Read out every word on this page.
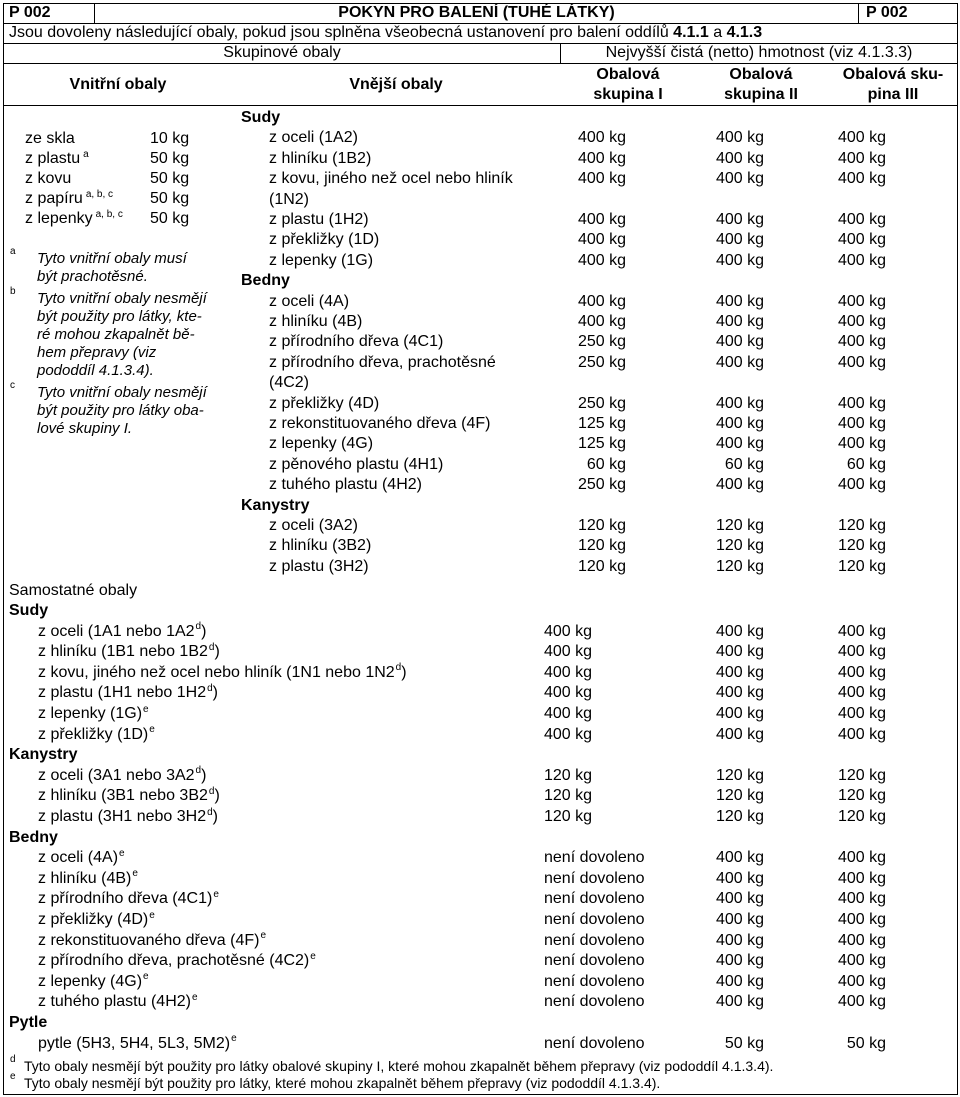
P 002	POKYN PRO BALENÍ (TUHÉ LÁTKY)	P 002
Jsou dovoleny následující obaly, pokud jsou splněna všeobecná ustanovení pro balení oddílů 4.1.1 a 4.1.3
Skupinové obaly	Nejvyšší čistá (netto) hmotnost (viz 4.1.3.3)
Vnitřní obaly	Vnější obaly
Obalová
skupina I
Obalová
skupina II
Obalová sku-
pina III
ze skla	10 kg
z plastu $^a$	50 kg
z kovu	50 kg
z papíru $^{a, b, c}$ 50 kg
z lepenky $^{a, b, c}$ 50 kg
a Tyto vnitřní obaly musí
být prachotěsné.
b Tyto vnitřní obaly nesmějí
být použity pro látky, kte-
ré mohou zkapalnět bě-
hem přepravy (viz
pododdíl 4.1.3.4).
c Tyto vnitřní obaly nesmějí
být použity pro látky oba-
lové skupiny I.
Sudy
z oceli (1A2)	400 kg	400 kg	400 kg
z hliníku (1B2)	400 kg	400 kg	400 kg
z kovu, jiného než ocel nebo hliník	400 kg	400 kg	400 kg
(1N2)
z plastu (1H2)	400 kg	400 kg	400 kg
z překližky (1D)	400 kg	400 kg	400 kg
z lepenky (1G)	400 kg	400 kg	400 kg
Bedny
z oceli (4A)	400 kg	400 kg	400 kg
z hliníku (4B)	400 kg	400 kg	400 kg
z přírodního dřeva (4C1)	250 kg	400 kg	400 kg
z přírodního dřeva, prachotěsné	250 kg	400 kg	400 kg
(4C2)
z překližky (4D)	250 kg	400 kg	400 kg
z rekonstituovaného dřeva (4F)	125 kg	400 kg	400 kg
z lepenky (4G)	125 kg	400 kg	400 kg
z pěnového plastu (4H1)	60 kg	60 kg	60 kg
z tuhého plastu (4H2)	250 kg	400 kg	400 kg
Kanystry
z oceli (3A2)	120 kg	120 kg	120 kg
z hliníku (3B2)	120 kg	120 kg	120 kg
z plastu (3H2)	120 kg	120 kg	120 kg
Samostatné obaly
Sudy
z oceli (1A1 nebo 1A2$^d$)	400 kg	400 kg	400 kg
z hliníku (1B1 nebo 1B2$^d$)	400 kg	400 kg	400 kg
z kovu, jiného než ocel nebo hliník (1N1 nebo 1N2$^d$)	400 kg	400 kg	400 kg
z plastu (1H1 nebo 1H2$^d$)	400 kg	400 kg	400 kg
z lepenky $(1G)^e$	400 kg	400 kg	400 kg
z překližky $(1D)^e$	400 kg	400 kg	400 kg
Kanystry
z oceli (3A1 nebo 3A2$^d$)	120 kg	120 kg	120 kg
z hliníku (3B1 nebo 3B2$^d$)	120 kg	120 kg	120 kg
z plastu (3H1 nebo 3H2$^d$)	120 kg	120 kg	120 kg
Bedny
z oceli $(4A)^e$	není dovoleno	400 kg	400 kg
z hliníku $(4B)^e$	není dovoleno	400 kg	400 kg
z přírodního dřeva $(4C1)^e$	není dovoleno	400 kg	400 kg
z překližky $(4D)^e$	není dovoleno	400 kg	400 kg
z rekonstituovaného dřeva $(4F)^e$	není dovoleno	400 kg	400 kg
z přírodního dřeva, prachotěsné $(4C2)^e$	není dovoleno	400 kg	400 kg
z lepenky $(4G)^e$	není dovoleno	400 kg	400 kg
z tuhého plastu $(4H2)^e$	není dovoleno	400 kg	400 kg
Pytle
pytle (5H3, 5H4, 5L3, 5M2)$^e$	není dovoleno	50 kg	50 kg
d Tyto obaly nesmějí být použity pro látky obalové skupiny I, které mohou zkapalnět během přepravy (viz pododdíl 4.1.3.4).
e Tyto obaly nesmějí být použity pro látky, které mohou zkapalnět během přepravy (viz pododdíl 4.1.3.4).
